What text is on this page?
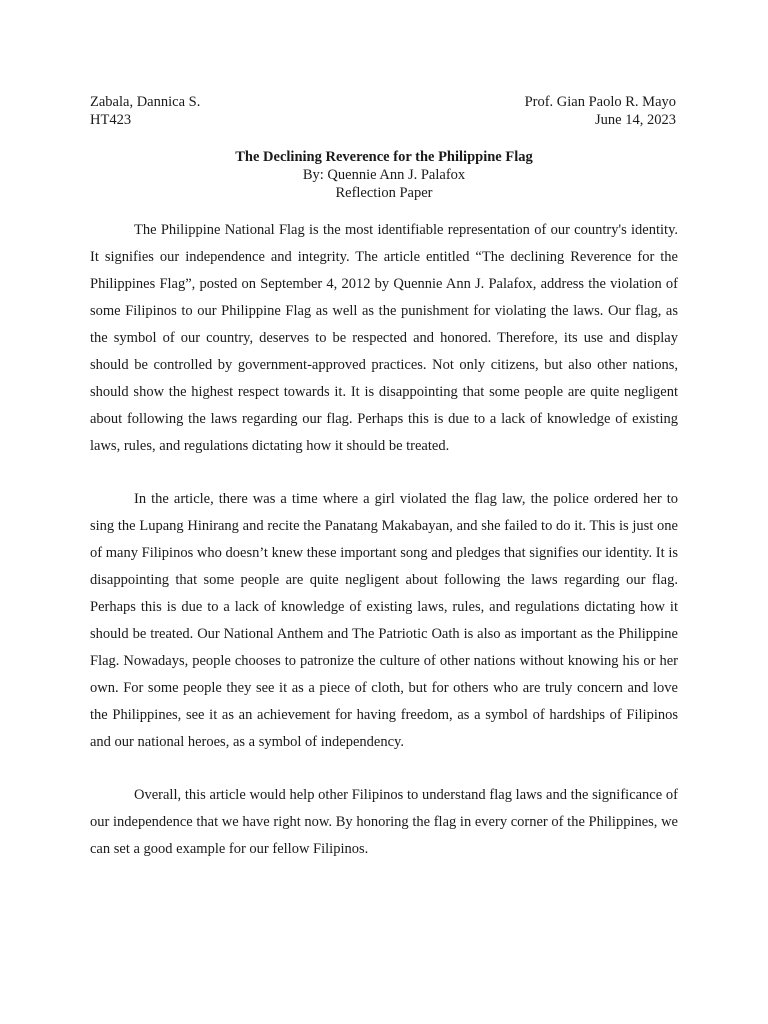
Zabala, Dannica S.
HT423
Prof. Gian Paolo R. Mayo
June 14, 2023
The Declining Reverence for the Philippine Flag
By: Quennie Ann J. Palafox
Reflection Paper

The Philippine National Flag is the most identifiable representation of our country's identity. It signifies our independence and integrity. The article entitled “The declining Reverence for the Philippines Flag”, posted on September 4, 2012 by Quennie Ann J. Palafox, address the violation of some Filipinos to our Philippine Flag as well as the punishment for violating the laws. Our flag, as the symbol of our country, deserves to be respected and honored. Therefore, its use and display should be controlled by government-approved practices. Not only citizens, but also other nations, should show the highest respect towards it. It is disappointing that some people are quite negligent about following the laws regarding our flag. Perhaps this is due to a lack of knowledge of existing laws, rules, and regulations dictating how it should be treated.

In the article, there was a time where a girl violated the flag law, the police ordered her to sing the Lupang Hinirang and recite the Panatang Makabayan, and she failed to do it. This is just one of many Filipinos who doesn’t knew these important song and pledges that signifies our identity. It is disappointing that some people are quite negligent about following the laws regarding our flag. Perhaps this is due to a lack of knowledge of existing laws, rules, and regulations dictating how it should be treated. Our National Anthem and The Patriotic Oath is also as important as the Philippine Flag. Nowadays, people chooses to patronize the culture of other nations without knowing his or her own. For some people they see it as a piece of cloth, but for others who are truly concern and love the Philippines, see it as an achievement for having freedom, as a symbol of hardships of Filipinos and our national heroes, as a symbol of independency.

Overall, this article would help other Filipinos to understand flag laws and the significance of our independence that we have right now. By honoring the flag in every corner of the Philippines, we can set a good example for our fellow Filipinos.
